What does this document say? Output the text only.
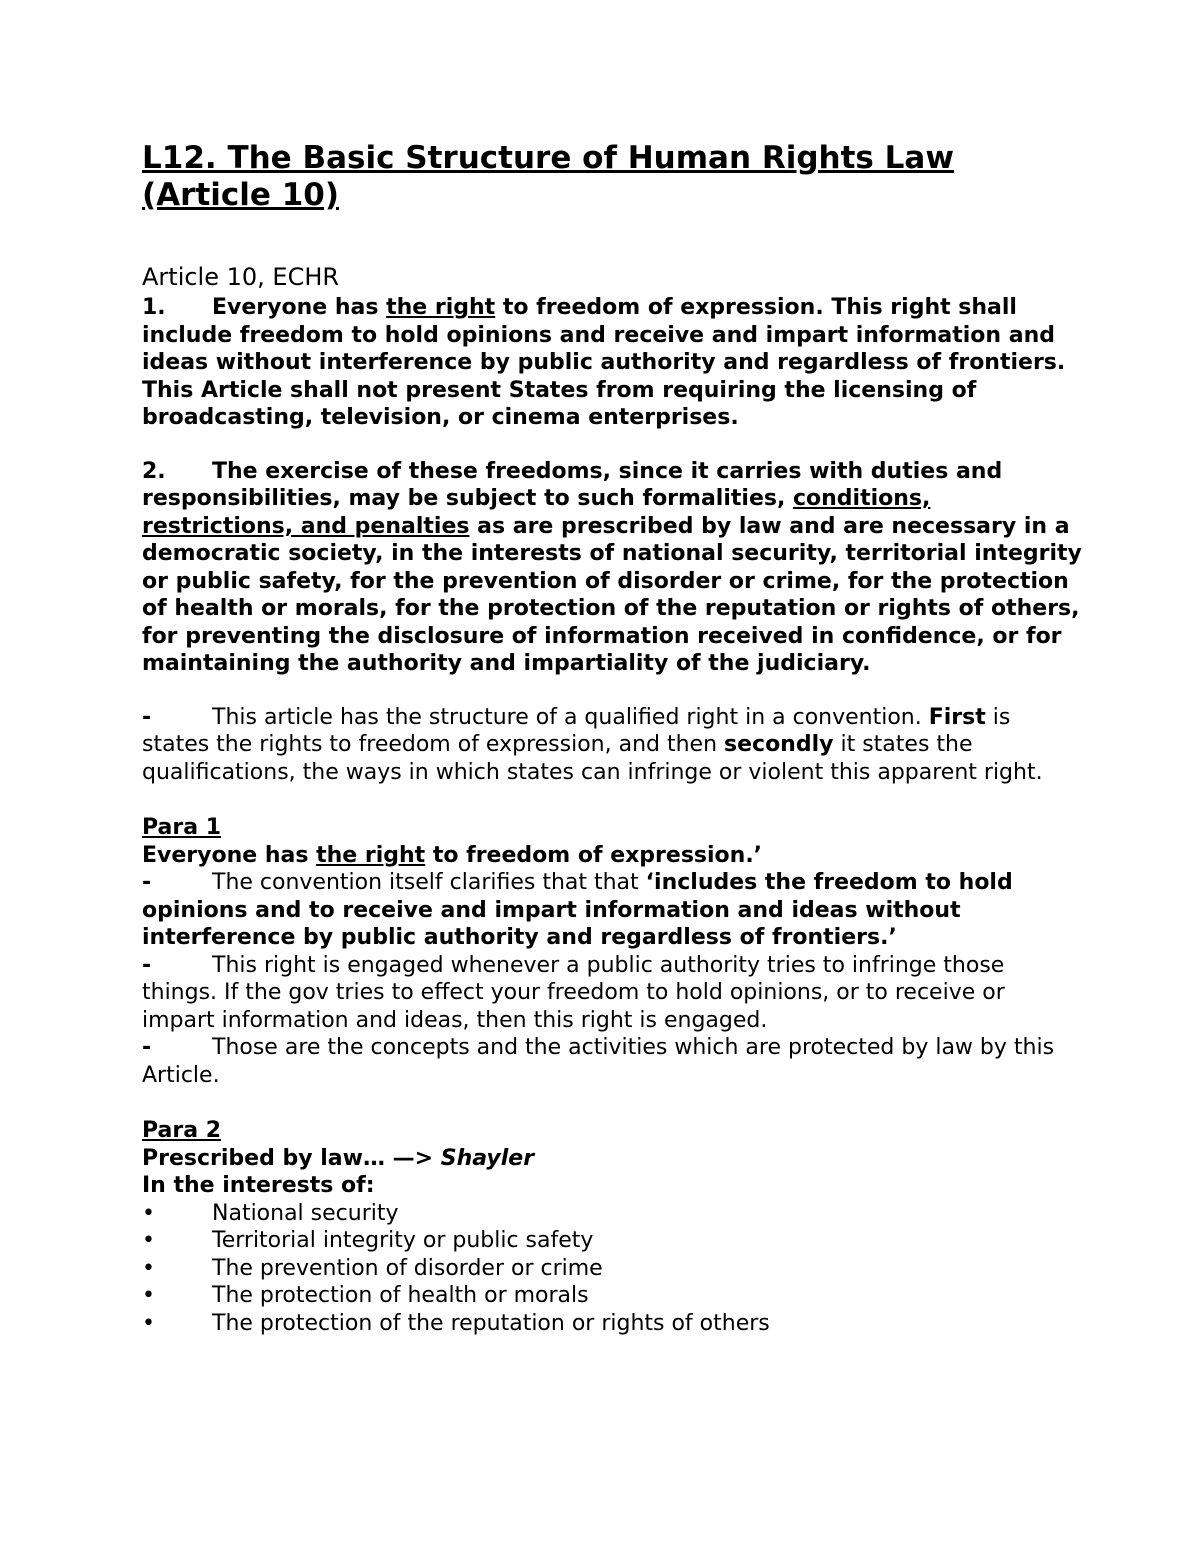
L12. The Basic Structure of Human Rights Law (Article 10)
Article 10, ECHR

1. Everyone has the right to freedom of expression. This right shall include freedom to hold opinions and receive and impart information and ideas without interference by public authority and regardless of frontiers. This Article shall not present States from requiring the licensing of broadcasting, television, or cinema enterprises.

2. The exercise of these freedoms, since it carries with duties and responsibilities, may be subject to such formalities, conditions, restrictions, and penalties as are prescribed by law and are necessary in a democratic society, in the interests of national security, territorial integrity or public safety, for the prevention of disorder or crime, for the protection of health or morals, for the protection of the reputation or rights of others, for preventing the disclosure of information received in confidence, or for maintaining the authority and impartiality of the judiciary.

-	This article has the structure of a qualified right in a convention. First is states the rights to freedom of expression, and then secondly it states the qualifications, the ways in which states can infringe or violent this apparent right.

Para 1

Everyone has the right to freedom of expression.’

-	The convention itself clarifies that that ‘includes the freedom to hold opinions and to receive and impart information and ideas without interference by public authority and regardless of frontiers.’

-	This right is engaged whenever a public authority tries to infringe those things. If the gov tries to effect your freedom to hold opinions, or to receive or impart information and ideas, then this right is engaged.

-	Those are the concepts and the activities which are protected by law by this Article.

Para 2

Prescribed by law… —> Shayler

In the interests of:

•	National security

•	Territorial integrity or public safety

•	The prevention of disorder or crime

•	The protection of health or morals

•	The protection of the reputation or rights of others
